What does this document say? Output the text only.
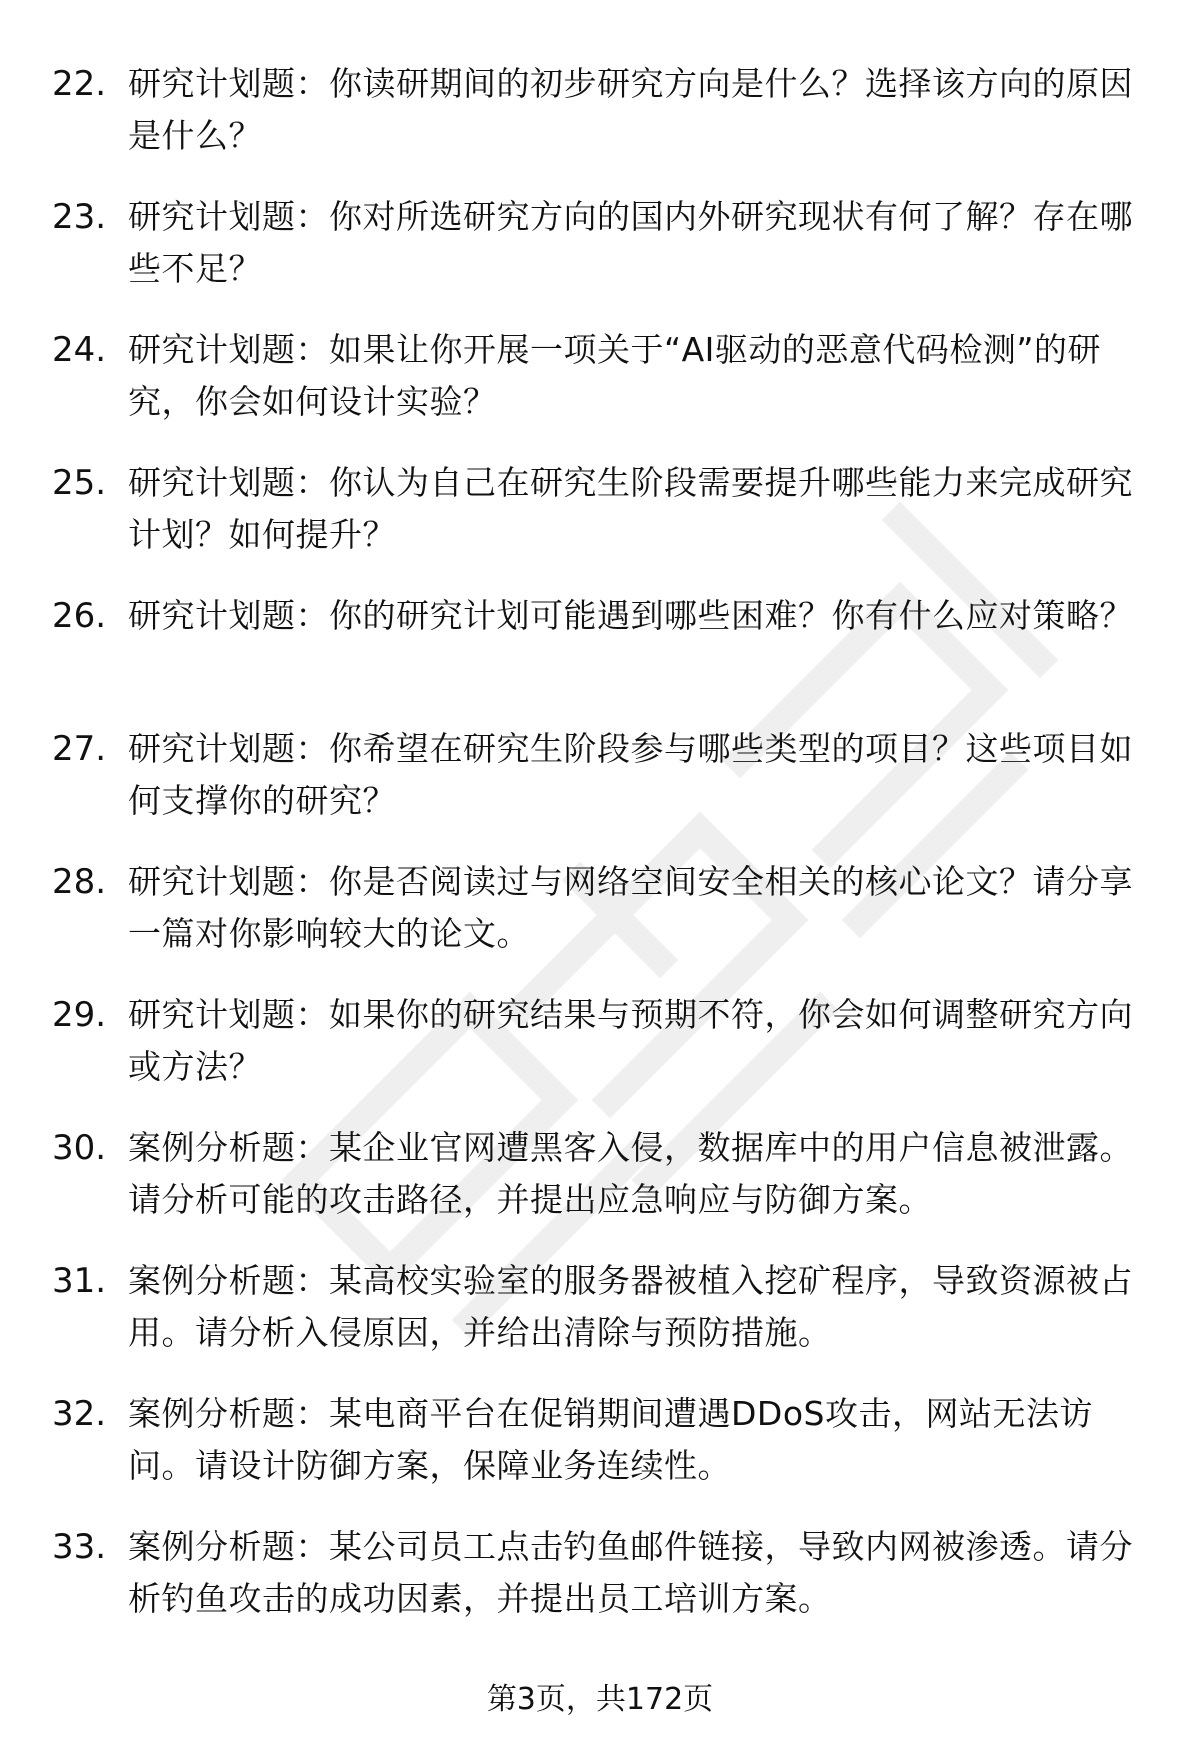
22. 研究计划题：你读研期间的初步研究方向是什么？选择该方向的原因是什么？
23. 研究计划题：你对所选研究方向的国内外研究现状有何了解？存在哪些不足？
24. 研究计划题：如果让你开展一项关于“AI驱动的恶意代码检测”的研究，你会如何设计实验？
25. 研究计划题：你认为自己在研究生阶段需要提升哪些能力来完成研究计划？如何提升？
26. 研究计划题：你的研究计划可能遇到哪些困难？你有什么应对策略？
27. 研究计划题：你希望在研究生阶段参与哪些类型的项目？这些项目如何支撑你的研究？
28. 研究计划题：你是否阅读过与网络空间安全相关的核心论文？请分享一篇对你影响较大的论文。
29. 研究计划题：如果你的研究结果与预期不符，你会如何调整研究方向或方法？
30. 案例分析题：某企业官网遭黑客入侵，数据库中的用户信息被泄露。请分析可能的攻击路径，并提出应急响应与防御方案。
31. 案例分析题：某高校实验室的服务器被植入挖矿程序，导致资源被占用。请分析入侵原因，并给出清除与预防措施。
32. 案例分析题：某电商平台在促销期间遭遇DDoS攻击，网站无法访问。请设计防御方案，保障业务连续性。
33. 案例分析题：某公司员工点击钓鱼邮件链接，导致内网被渗透。请分析钓鱼攻击的成功因素，并提出员工培训方案。
第3页，共172页
